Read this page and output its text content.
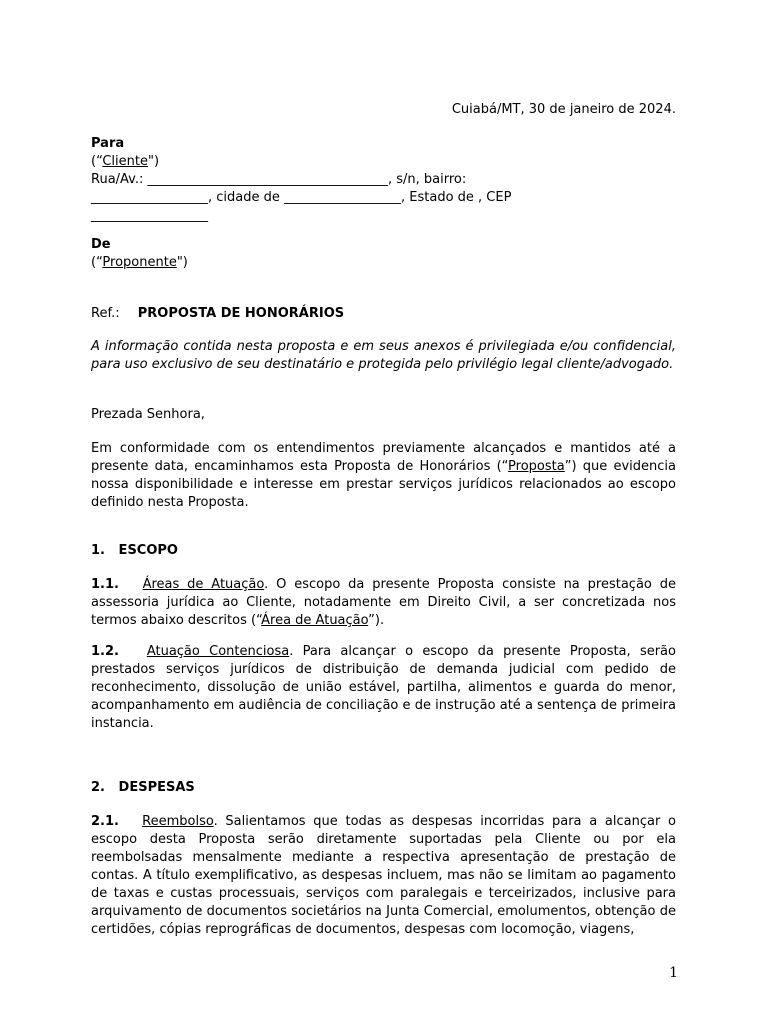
Cuiabá/MT, 30 de janeiro de 2024.
Para
(“Cliente")
Rua/Av.: _____________________________________, s/n, bairro:
__________________, cidade de __________________, Estado de , CEP
__________________
De
(“Proponente")
Ref.: PROPOSTA DE HONORÁRIOS
A informação contida nesta proposta e em seus anexos é privilegiada e/ou confidencial, para uso exclusivo de seu destinatário e protegida pelo privilégio legal cliente/advogado.
Prezada Senhora,
Em conformidade com os entendimentos previamente alcançados e mantidos até a presente data, encaminhamos esta Proposta de Honorários (“Proposta”) que evidencia nossa disponibilidade e interesse em prestar serviços jurídicos relacionados ao escopo definido nesta Proposta.
1.   ESCOPO
1.1. Áreas de Atuação. O escopo da presente Proposta consiste na prestação de assessoria jurídica ao Cliente, notadamente em Direito Civil, a ser concretizada nos termos abaixo descritos (“Área de Atuação”).
1.2. Atuação Contenciosa. Para alcançar o escopo da presente Proposta, serão prestados serviços jurídicos de distribuição de demanda judicial com pedido de reconhecimento, dissolução de união estável, partilha, alimentos e guarda do menor, acompanhamento em audiência de conciliação e de instrução até a sentença de primeira instancia.
2.   DESPESAS
2.1. Reembolso. Salientamos que todas as despesas incorridas para a alcançar o escopo desta Proposta serão diretamente suportadas pela Cliente ou por ela reembolsadas mensalmente mediante a respectiva apresentação de prestação de contas. A título exemplificativo, as despesas incluem, mas não se limitam ao pagamento de taxas e custas processuais, serviços com paralegais e terceirizados, inclusive para arquivamento de documentos societários na Junta Comercial, emolumentos, obtenção de certidões, cópias reprográficas de documentos, despesas com locomoção, viagens,
1
